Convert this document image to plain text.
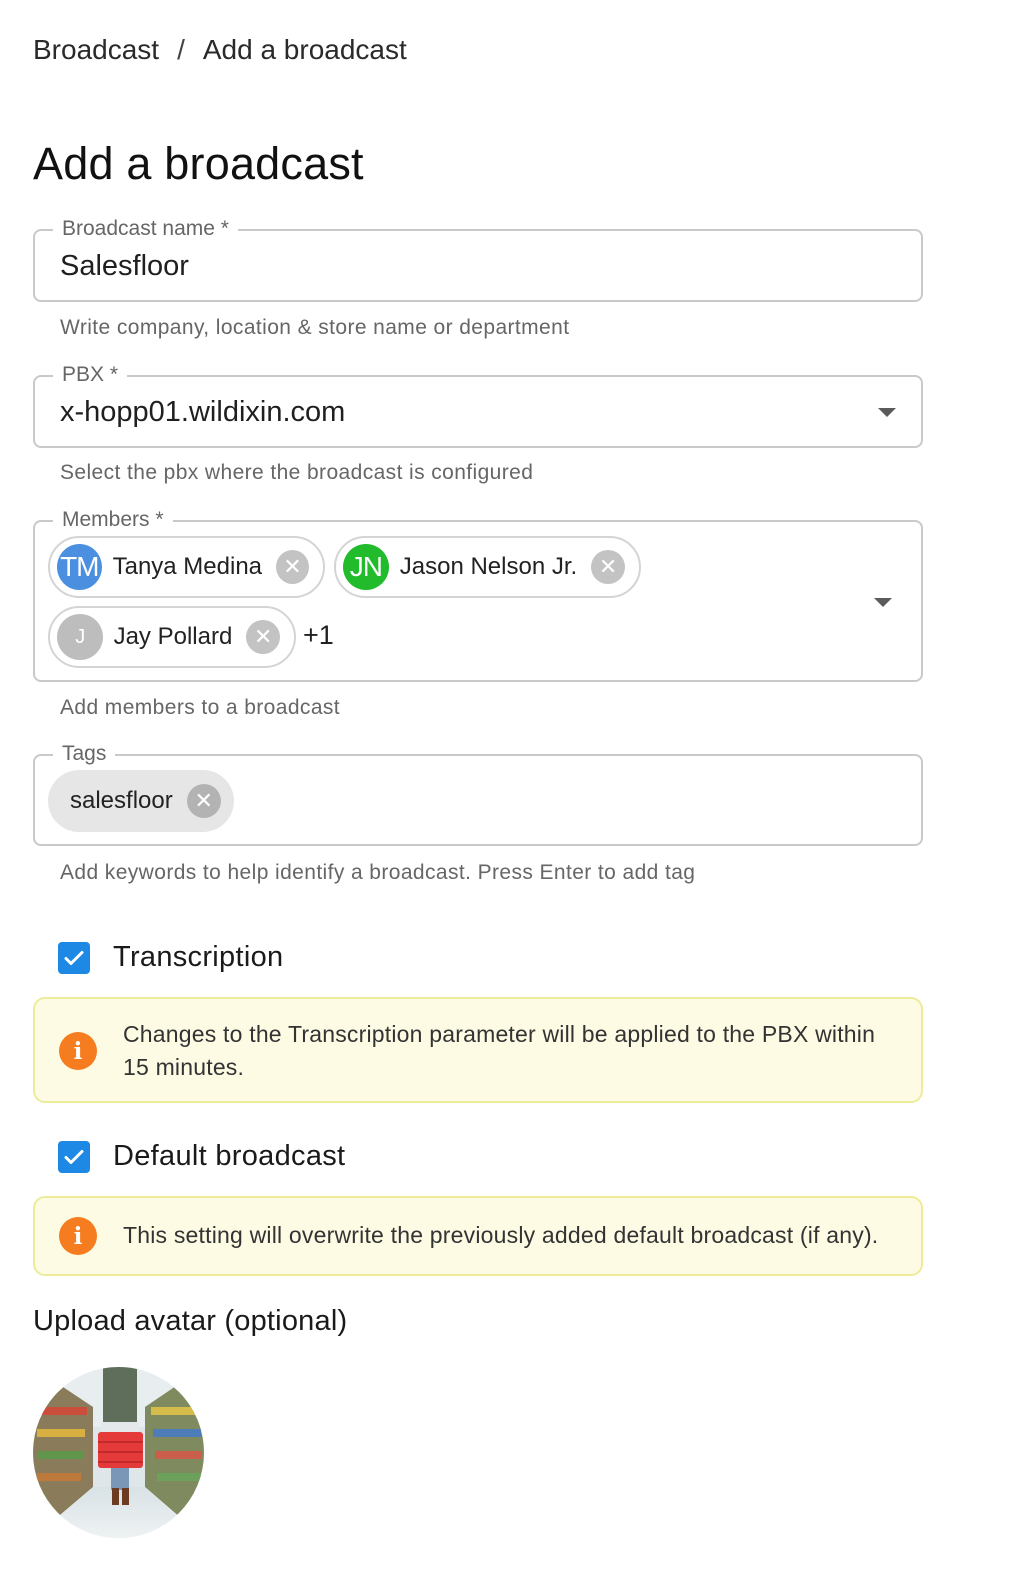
Broadcast / Add a broadcast
Add a broadcast
Broadcast name *
Salesfloor
Write company, location & store name or department
PBX *
x-hopp01.wildixin.com
Select the pbx where the broadcast is configured
Members *
TM Tanya Medina ✕ JN Jason Nelson Jr. ✕
J	Jay Pollard ✕ +1
Add members to a broadcast
Tags
salesfloor ✕
Add keywords to help identify a broadcast. Press Enter to add tag
Transcription
i
Changes to the Transcription parameter will be applied to the PBX within 15 minutes.
Default broadcast
i	This setting will overwrite the previously added default broadcast (if any).
Upload avatar (optional)
